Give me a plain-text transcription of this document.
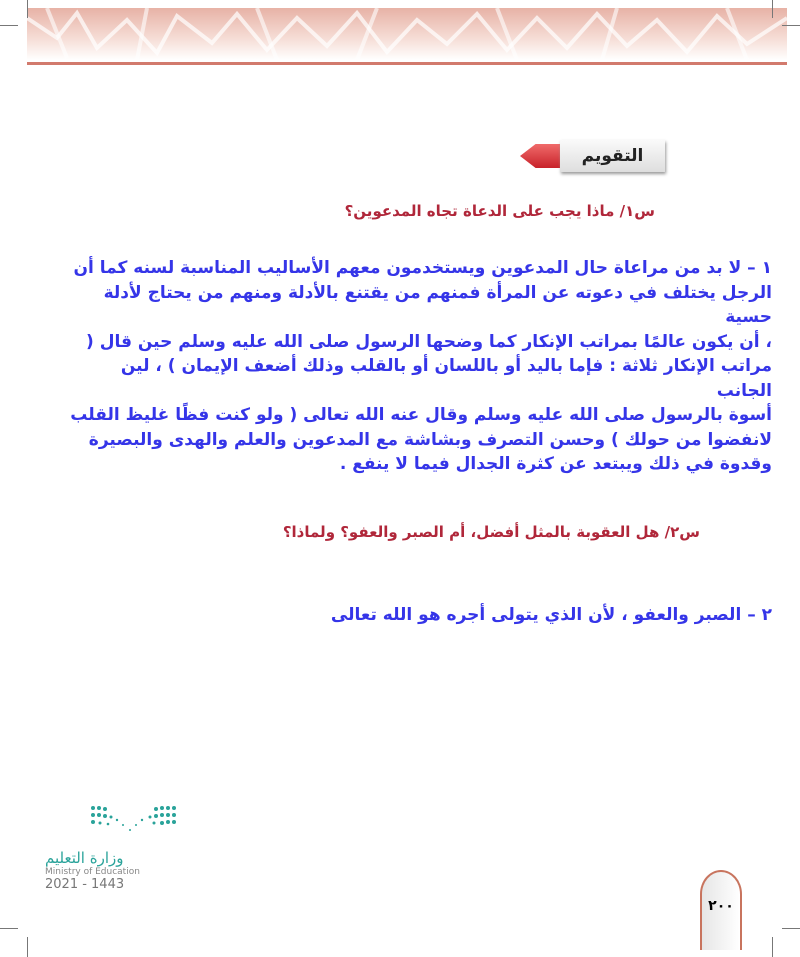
التقويم
س١/ ماذا يجب على الدعاة تجاه المدعوين؟
١ – لا بد من مراعاة حال المدعوين ويستخدمون معهم الأساليب المناسبة لسنه كما أن
الرجل يختلف في دعوته عن المرأة فمنهم من يقتنع بالأدلة ومنهم من يحتاج لأدلة حسية
، أن يكون عالمًا بمراتب الإنكار كما وضحها الرسول صلى الله عليه وسلم حين قال (
مراتب الإنكار ثلاثة : فإما باليد أو باللسان أو بالقلب وذلك أضعف الإيمان ) ، لين الجانب
أسوة بالرسول صلى الله عليه وسلم وقال عنه الله تعالى ( ولو كنت فظًا غليظ القلب
لانفضوا من حولك ) وحسن التصرف وبشاشة مع المدعوين والعلم والهدى والبصيرة
وقدوة في ذلك ويبتعد عن كثرة الجدال فيما لا ينفع .
س٢/ هل العقوبة بالمثل أفضل، أم الصبر والعفو؟ ولماذا؟
٢ – الصبر والعفو ، لأن الذي يتولى أجره هو الله تعالى
وزارة التعليم
Ministry of Education
2021 - 1443
٢٠٠
